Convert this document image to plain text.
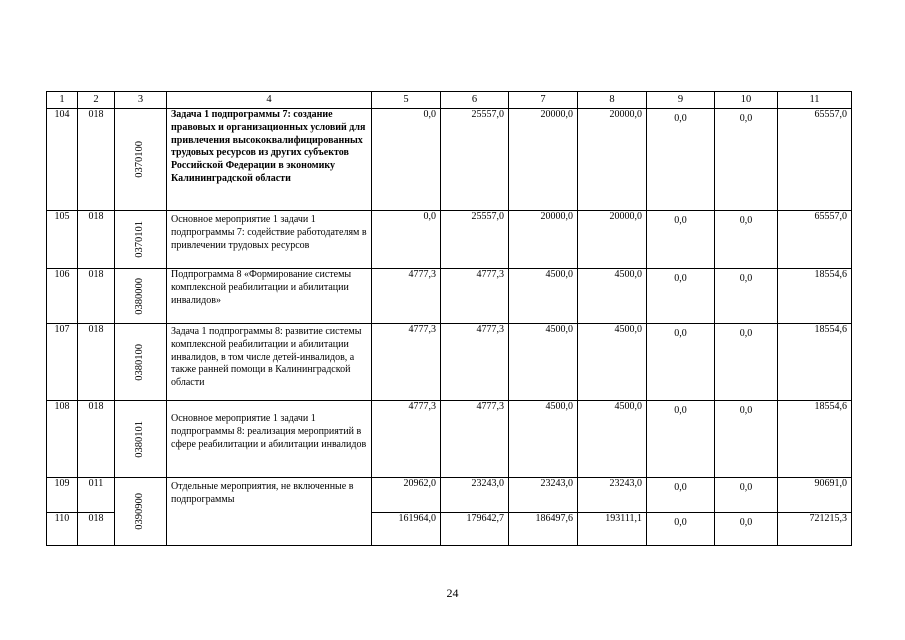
1	2	3	4	5	6	7	8	9	10	11
104	018	0370100	Задача 1 подпрограммы 7: создание правовых и организационных условий для привлечения высококвалифицированных трудовых ресурсов из других субъектов Российской Федерации в экономику Калининградской области	0,0	25557,0	20000,0	20000,0	0,0	0,0	65557,0
105	018	0370101	Основное мероприятие 1 задачи 1 подпрограммы 7: содействие работодателям в привлечении трудовых ресурсов	0,0	25557,0	20000,0	20000,0	0,0	0,0	65557,0
106	018	0380000	Подпрограмма 8 «Формирование системы комплексной реабилитации и абилитации инвалидов»	4777,3	4777,3	4500,0	4500,0	0,0	0,0	18554,6
107	018	0380100	Задача 1 подпрограммы 8: развитие системы комплексной реабилитации и абилитации инвалидов, в том числе детей-инвалидов, а также ранней помощи в Калининградской области	4777,3	4777,3	4500,0	4500,0	0,0	0,0	18554,6
108	018	0380101	Основное мероприятие 1 задачи 1 подпрограммы 8: реализация мероприятий в сфере реабилитации и абилитации инвалидов	4777,3	4777,3	4500,0	4500,0	0,0	0,0	18554,6
109	011	0390900	Отдельные мероприятия, не включенные в подпрограммы	20962,0	23243,0	23243,0	23243,0	0,0	0,0	90691,0
110	018			161964,0	179642,7	186497,6	193111,1	0,0	0,0	721215,3
24
